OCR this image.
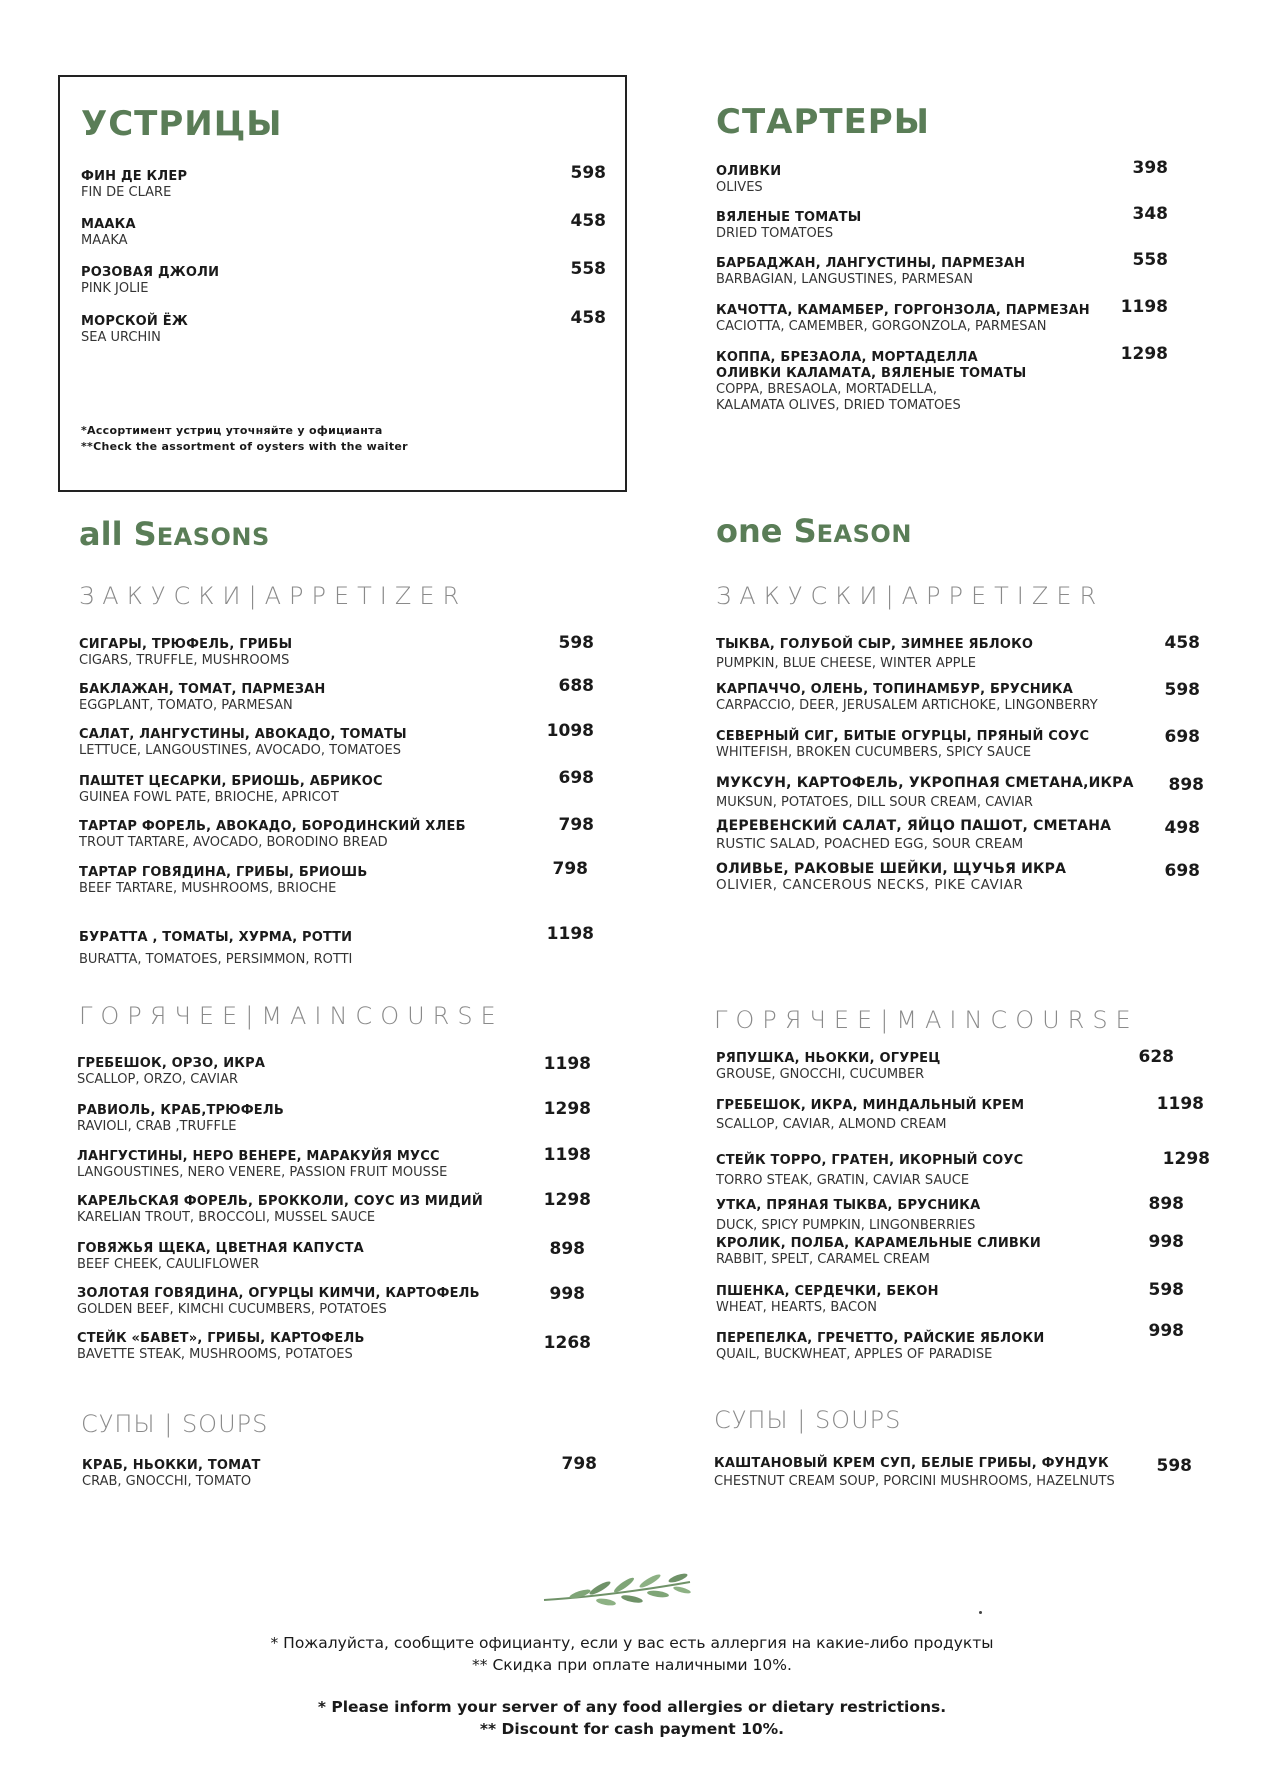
УСТРИЦЫ
ФИН ДЕ КЛЕР
FIN DE CLARE
598
МААКА
MAAKA
458
РОЗОВАЯ ДЖОЛИ
PINK JOLIE
558
МОРСКОЙ ЁЖ
SEA URCHIN
458
*Ассортимент устриц уточняйте у официанта
**Check the assortment of oysters with the waiter
СТАРТЕРЫ
ОЛИВКИ
OLIVES
398
ВЯЛЕНЫЕ ТОМАТЫ
DRIED TOMATOES
348
БАРБАДЖАН, ЛАНГУСТИНЫ, ПАРМЕЗАН
BARBAGIAN, LANGUSTINES, PARMESAN
558
КАЧОТТА, КАМАМБЕР, ГОРГОНЗОЛА, ПАРМЕЗАН
CACIOTTA, CAMEMBER, GORGONZOLA, PARMESAN
1198
КОППА, БРЕЗАОЛА, МОРТАДЕЛЛА
ОЛИВКИ КАЛАМАТА, ВЯЛЕНЫЕ ТОМАТЫ
COPPA, BRESAOLA, MORTADELLA,
KALAMATA OLIVES, DRIED TOMATOES
1298
all SEASONS	one SEASON
ЗАКУСКИ|APPETIZER
СИГАРЫ, ТРЮФЕЛЬ, ГРИБЫ
CIGARS, TRUFFLE, MUSHROOMS
598
БАКЛАЖАН, ТОМАТ, ПАРМЕЗАН
EGGPLANT, TOMATO, PARMESAN
688
САЛАТ, ЛАНГУСТИНЫ, АВОКАДО, ТОМАТЫ
LETTUCE, LANGOUSTINES, AVOCADO, TOMATOES
1098
ПАШТЕТ ЦЕСАРКИ, БРИОШЬ, АБРИКОС
GUINEA FOWL PATE, BRIOCHE, APRICOT
698
ТАРТАР ФОРЕЛЬ, АВОКАДО, БОРОДИНСКИЙ ХЛЕБ
TROUT TARTARE, AVOCADO, BORODINO BREAD
798
ТАРТАР ГОВЯДИНА, ГРИБЫ, БРИОШЬ
BEEF TARTARE, MUSHROOMS, BRIOCHE
798
БУРАТТА , ТОМАТЫ, ХУРМА, РОТТИ
BURATTA, TOMATOES, PERSIMMON, ROTTI
1198
ГОРЯЧЕЕ|MAINCOURSE
ГРЕБЕШОК, ОРЗО, ИКРА
SCALLOP, ORZO, CAVIAR
1198
РАВИОЛЬ, КРАБ,ТРЮФЕЛЬ
RAVIOLI, CRAB ,TRUFFLE
1298
ЛАНГУСТИНЫ, НЕРО ВЕНЕРЕ, МАРАКУЙЯ МУСС
LANGOUSTINES, NERO VENERE, PASSION FRUIT MOUSSE
1198
КАРЕЛЬСКАЯ ФОРЕЛЬ, БРОККОЛИ, СОУС ИЗ МИДИЙ
KARELIAN TROUT, BROCCOLI, MUSSEL SAUCE
1298
ГОВЯЖЬЯ ЩЕКА, ЦВЕТНАЯ КАПУСТА
BEEF CHEEK, CAULIFLOWER
898
ЗОЛОТАЯ ГОВЯДИНА, ОГУРЦЫ КИМЧИ, КАРТОФЕЛЬ
GOLDEN BEEF, KIMCHI CUCUMBERS, POTATOES
998
СТЕЙК «БАВЕТ», ГРИБЫ, КАРТОФЕЛЬ
BAVETTE STEAK, MUSHROOMS, POTATOES
1268
СУПЫ | SOUPS
КРАБ, НЬОККИ, ТОМАТ
CRAB, GNOCCHI, TOMATO
798
ЗАКУСКИ|APPETIZER
ТЫКВА, ГОЛУБОЙ СЫР, ЗИМНЕЕ ЯБЛОКО
PUMPKIN, BLUE CHEESE, WINTER APPLE
458
КАРПАЧЧО, ОЛЕНЬ, ТОПИНАМБУР, БРУСНИКА
CARPACCIO, DEER, JERUSALEM ARTICHOKE, LINGONBERRY
598
СЕВЕРНЫЙ СИГ, БИТЫЕ ОГУРЦЫ, ПРЯНЫЙ СОУС
WHITEFISH, BROKEN CUCUMBERS, SPICY SAUCE
698
МУКСУН, КАРТОФЕЛЬ, УКРОПНАЯ СМЕТАНА,ИКРА
MUKSUN, POTATOES, DILL SOUR CREAM, CAVIAR
898
ДЕРЕВЕНСКИЙ САЛАТ, ЯЙЦО ПАШОТ, СМЕТАНА
RUSTIC SALAD, POACHED EGG, SOUR CREAM
498
ОЛИВЬЕ, РАКОВЫЕ ШЕЙКИ, ЩУЧЬЯ ИКРА
OLIVIER, CANCEROUS NECKS, PIKE CAVIAR
698
ГОРЯЧЕЕ|MAINCOURSE
РЯПУШКА, НЬОККИ, ОГУРЕЦ
GROUSE, GNOCCHI, CUCUMBER
628
ГРЕБЕШОК, ИКРА, МИНДАЛЬНЫЙ КРЕМ
SCALLOP, CAVIAR, ALMOND CREAM
1198
СТЕЙК ТОРРО, ГРАТЕН, ИКОРНЫЙ СОУС
TORRO STEAK, GRATIN, CAVIAR SAUCE
1298
УТКА, ПРЯНАЯ ТЫКВА, БРУСНИКА
DUCK, SPICY PUMPKIN, LINGONBERRIES
898
КРОЛИК, ПОЛБА, КАРАМЕЛЬНЫЕ СЛИВКИ
RABBIT, SPELT, CARAMEL CREAM
998
ПШЕНКА, СЕРДЕЧКИ, БЕКОН
WHEAT, HEARTS, BACON
598
ПЕРЕПЕЛКА, ГРЕЧЕТТО, РАЙСКИЕ ЯБЛОКИ
QUAIL, BUCKWHEAT, APPLES OF PARADISE
998
СУПЫ | SOUPS
КАШТАНОВЫЙ КРЕМ СУП, БЕЛЫЕ ГРИБЫ, ФУНДУК
CHESTNUT CREAM SOUP, PORCINI MUSHROOMS, HAZELNUTS
598
* Пожалуйста, сообщите официанту, если у вас есть аллергия на какие-либо продукты
** Скидка при оплате наличными 10%.
* Please inform your server of any food allergies or dietary restrictions.
** Discount for cash payment 10%.
